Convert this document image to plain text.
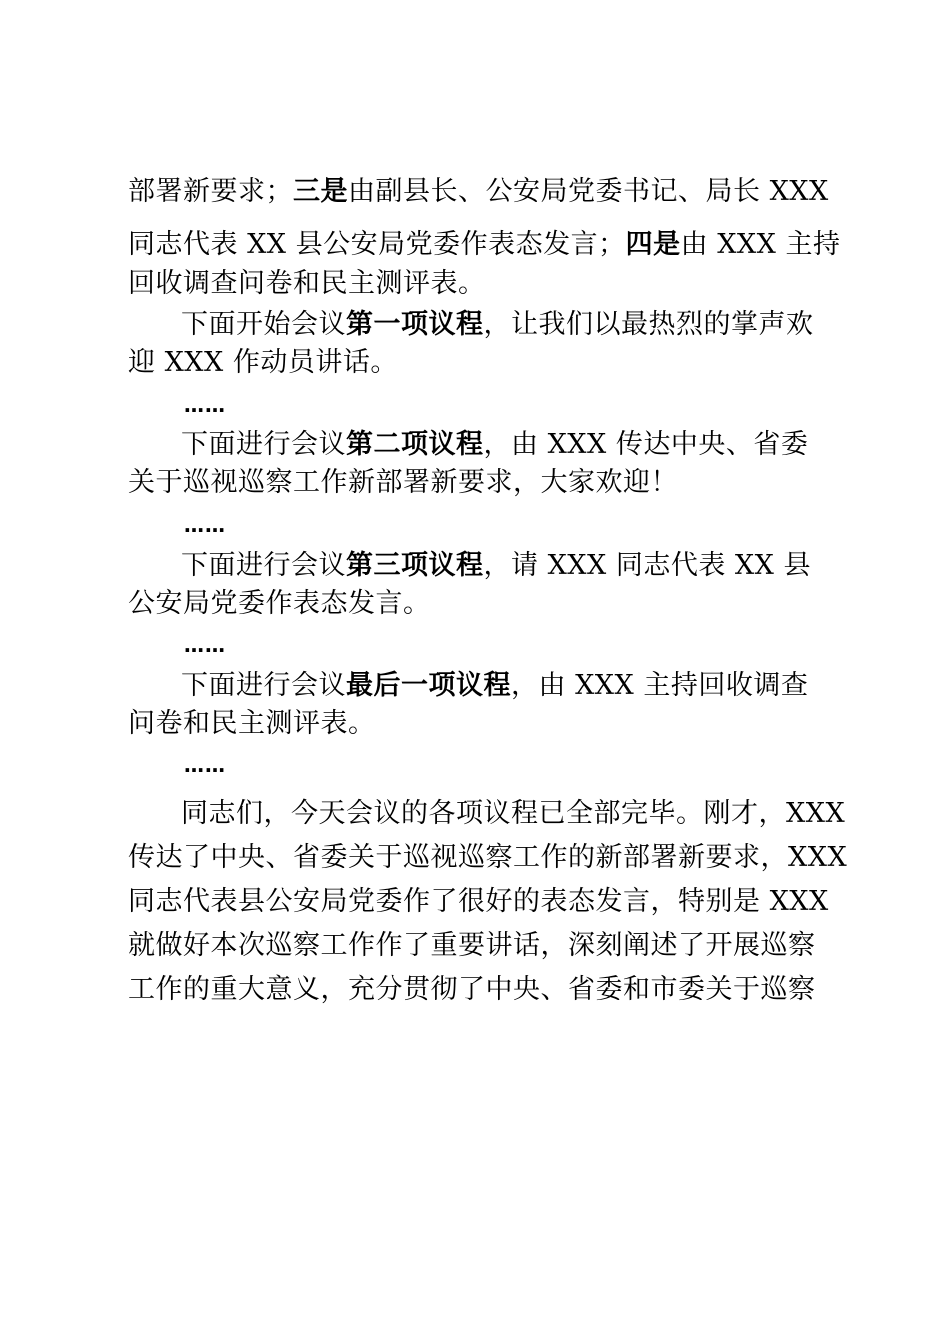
部署新要求；三是由副县长、公安局党委书记、局长 XXX
同志代表 XX 县公安局党委作表态发言；四是由 XXX 主持
回收调查问卷和民主测评表。
下面开始会议第一项议程，让我们以最热烈的掌声欢
迎 XXX 作动员讲话。
……
下面进行会议第二项议程，由 XXX 传达中央、省委
关于巡视巡察工作新部署新要求，大家欢迎！
……
下面进行会议第三项议程，请 XXX 同志代表 XX 县
公安局党委作表态发言。
……
下面进行会议最后一项议程，由 XXX 主持回收调查
问卷和民主测评表。
……
同志们，今天会议的各项议程已全部完毕。刚才，XXX
传达了中央、省委关于巡视巡察工作的新部署新要求，XXX
同志代表县公安局党委作了很好的表态发言，特别是 XXX
就做好本次巡察工作作了重要讲话，深刻阐述了开展巡察
工作的重大意义，充分贯彻了中央、省委和市委关于巡察
